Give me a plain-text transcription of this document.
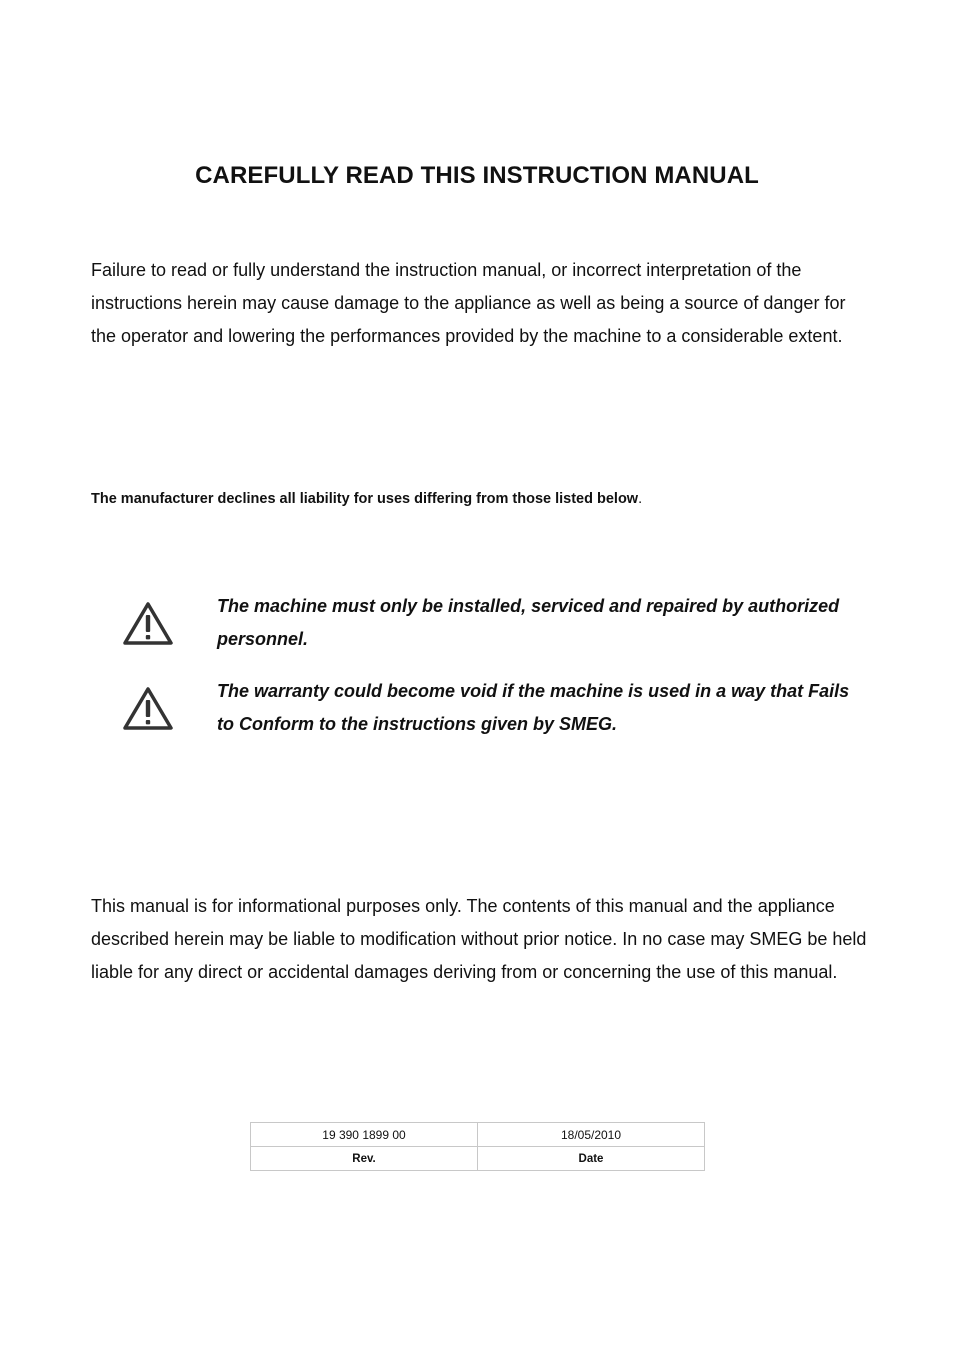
CAREFULLY READ THIS INSTRUCTION MANUAL

Failure to read or fully understand the instruction manual, or incorrect interpretation of the instructions herein may cause damage to the appliance as well as being a source of danger for the operator and lowering the performances provided by the machine to a considerable extent.

The manufacturer declines all liability for uses differing from those listed below.

The machine must only be installed, serviced and repaired by authorized personnel.

The warranty could become void if the machine is used in a way that Fails to Conform to the instructions given by SMEG.

This manual is for informational purposes only. The contents of this manual and the appliance described herein may be liable to modification without prior notice. In no case may SMEG be held liable for any direct or accidental damages deriving from or concerning the use of this manual.

19 390 1899 00	18/05/2010
Rev.	Date
